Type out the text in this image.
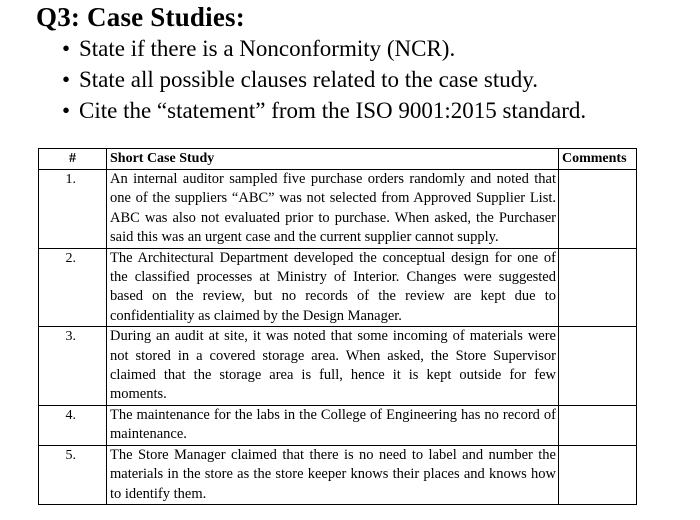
Q3: Case Studies:
• State if there is a Nonconformity (NCR).
• State all possible clauses related to the case study.
• Cite the “statement” from the ISO 9001:2015 standard.
#	Short Case Study	Comments
1.	An internal auditor sampled five purchase orders randomly and noted that one of the suppliers “ABC” was not selected from Approved Supplier List. ABC was also not evaluated prior to purchase. When asked, the Purchaser said this was an urgent case and the current supplier cannot supply.	
2.	The Architectural Department developed the conceptual design for one of the classified processes at Ministry of Interior. Changes were suggested based on the review, but no records of the review are kept due to confidentiality as claimed by the Design Manager.	
3.	During an audit at site, it was noted that some incoming of materials were not stored in a covered storage area. When asked, the Store Supervisor claimed that the storage area is full, hence it is kept outside for few moments.	
4.	The maintenance for the labs in the College of Engineering has no record of maintenance.	
5.	The Store Manager claimed that there is no need to label and number the materials in the store as the store keeper knows their places and knows how to identify them.	
